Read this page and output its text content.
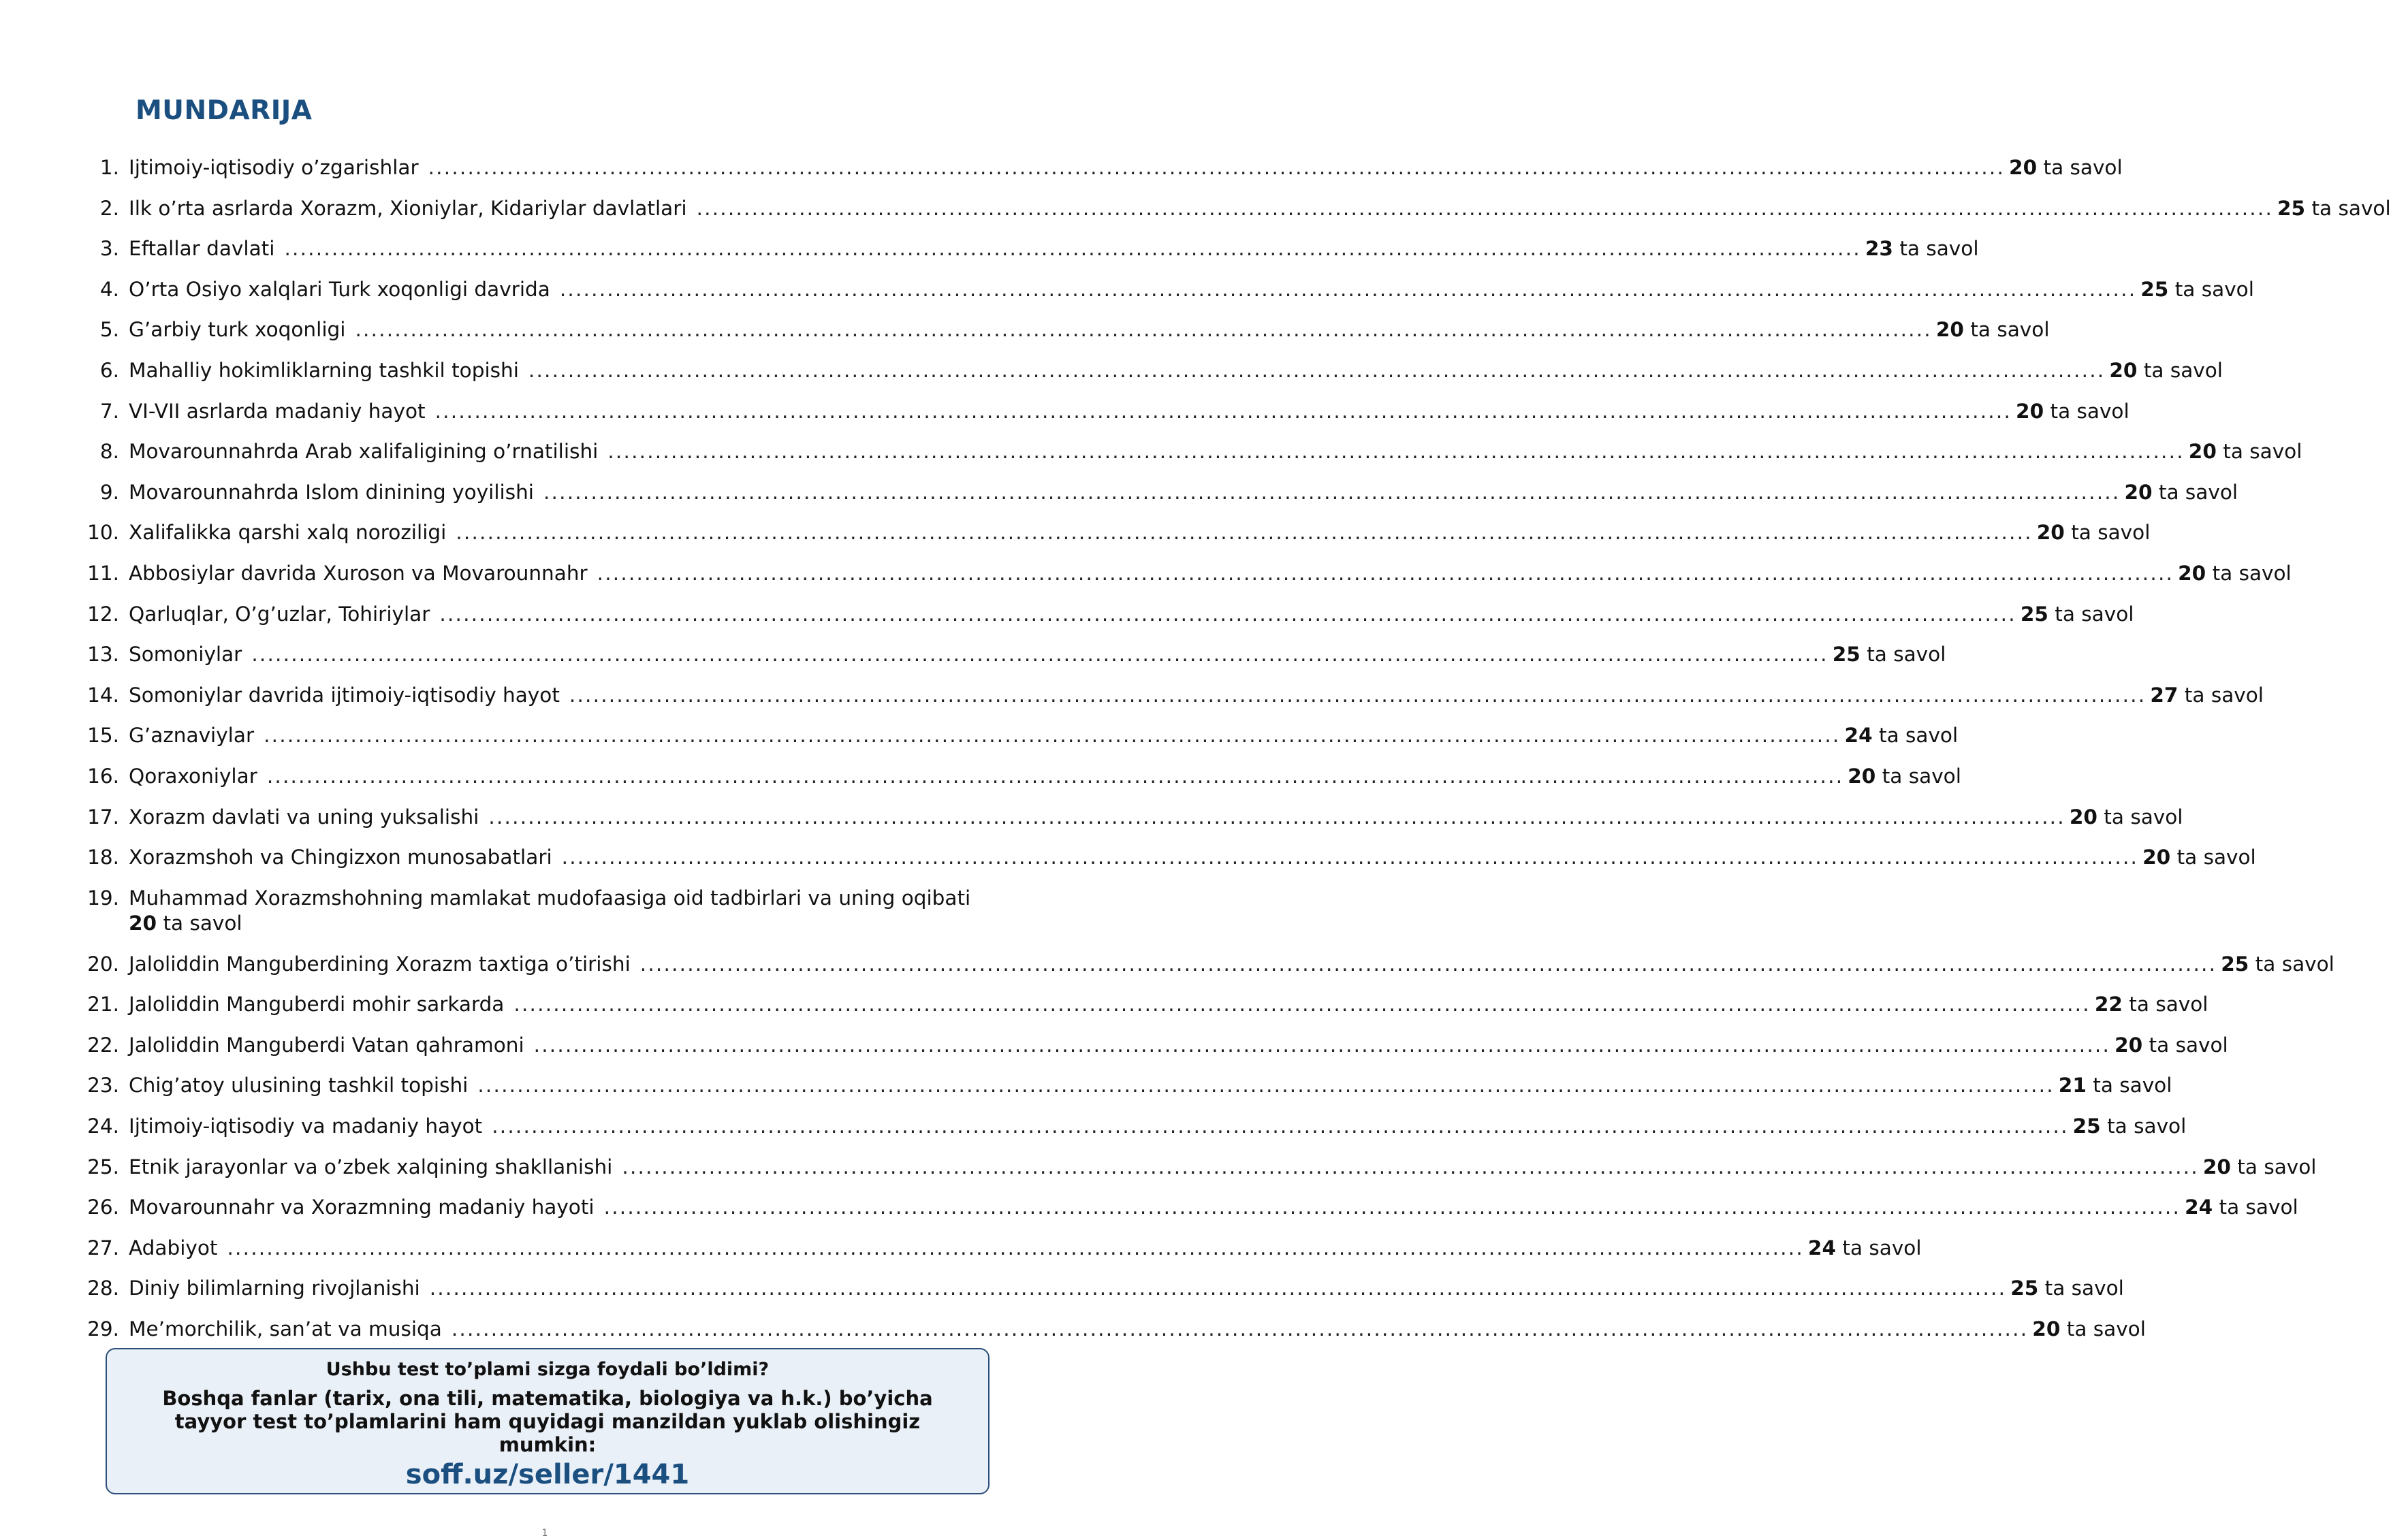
MUNDARIJA
1. Ijtimoiy-iqtisodiy o’zgarishlar ........................................................................................................................................................................................................ 20 ta savol
2. Ilk o’rta asrlarda Xorazm, Xioniylar, Kidariylar davlatlari ........................................................................................................................................................................................................ 25 ta savol
3. Eftallar davlati ........................................................................................................................................................................................................ 23 ta savol
4. O’rta Osiyo xalqlari Turk xoqonligi davrida ........................................................................................................................................................................................................ 25 ta savol
5. G’arbiy turk xoqonligi ........................................................................................................................................................................................................ 20 ta savol
6. Mahalliy hokimliklarning tashkil topishi ........................................................................................................................................................................................................ 20 ta savol
7. VI-VII asrlarda madaniy hayot ........................................................................................................................................................................................................ 20 ta savol
8. Movarounnahrda Arab xalifaligining o’rnatilishi ........................................................................................................................................................................................................ 20 ta savol
9. Movarounnahrda Islom dinining yoyilishi ........................................................................................................................................................................................................ 20 ta savol
10. Xalifalikka qarshi xalq noroziligi ........................................................................................................................................................................................................ 20 ta savol
11. Abbosiylar davrida Xuroson va Movarounnahr ........................................................................................................................................................................................................ 20 ta savol
12. Qarluqlar, O’g’uzlar, Tohiriylar ........................................................................................................................................................................................................ 25 ta savol
13. Somoniylar ........................................................................................................................................................................................................ 25 ta savol
14. Somoniylar davrida ijtimoiy-iqtisodiy hayot ........................................................................................................................................................................................................ 27 ta savol
15. G’aznaviylar ........................................................................................................................................................................................................ 24 ta savol
16. Qoraxoniylar ........................................................................................................................................................................................................ 20 ta savol
17. Xorazm davlati va uning yuksalishi ........................................................................................................................................................................................................ 20 ta savol
18. Xorazmshoh va Chingizxon munosabatlari ........................................................................................................................................................................................................ 20 ta savol
19. Muhammad Xorazmshohning mamlakat mudofaasiga oid tadbirlari va uning oqibati 20 ta savol
20. Jaloliddin Manguberdining Xorazm taxtiga o’tirishi ........................................................................................................................................................................................................ 25 ta savol
21. Jaloliddin Manguberdi mohir sarkarda ........................................................................................................................................................................................................ 22 ta savol
22. Jaloliddin Manguberdi Vatan qahramoni ........................................................................................................................................................................................................ 20 ta savol
23. Chig’atoy ulusining tashkil topishi ........................................................................................................................................................................................................ 21 ta savol
24. Ijtimoiy-iqtisodiy va madaniy hayot ........................................................................................................................................................................................................ 25 ta savol
25. Etnik jarayonlar va o’zbek xalqining shakllanishi ........................................................................................................................................................................................................ 20 ta savol
26. Movarounnahr va Xorazmning madaniy hayoti ........................................................................................................................................................................................................ 24 ta savol
27. Adabiyot ........................................................................................................................................................................................................ 24 ta savol
28. Diniy bilimlarning rivojlanishi ........................................................................................................................................................................................................ 25 ta savol
29. Me’morchilik, san’at va musiqa ........................................................................................................................................................................................................ 20 ta savol
Ushbu test to’plami sizga foydali bo’ldimi?
Boshqa fanlar (tarix, ona tili, matematika, biologiya va h.k.) bo’yicha tayyor test to’plamlarini ham quyidagi manzildan yuklab olishingiz mumkin:
soff.uz/seller/1441
1
